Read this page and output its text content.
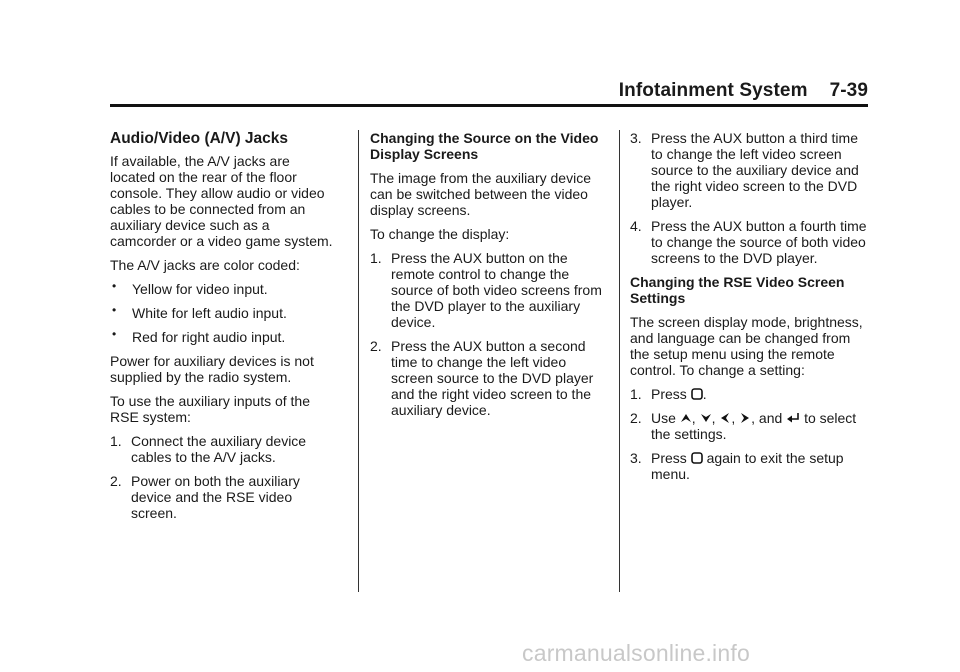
Infotainment System 7-39
Audio/Video (A/V) Jacks
If available, the A/V jacks are located on the rear of the floor console. They allow audio or video cables to be connected from an auxiliary device such as a camcorder or a video game system.
The A/V jacks are color coded:
• Yellow for video input.
• White for left audio input.
• Red for right audio input.
Power for auxiliary devices is not supplied by the radio system.
To use the auxiliary inputs of the RSE system:
1. Connect the auxiliary device cables to the A/V jacks.
2. Power on both the auxiliary device and the RSE video screen.
Changing the Source on the Video Display Screens
The image from the auxiliary device can be switched between the video display screens.
To change the display:
1. Press the AUX button on the remote control to change the source of both video screens from the DVD player to the auxiliary device.
2. Press the AUX button a second time to change the left video screen source to the DVD player and the right video screen to the auxiliary device.
3. Press the AUX button a third time to change the left video screen source to the auxiliary device and the right video screen to the DVD player.
4. Press the AUX button a fourth time to change the source of both video screens to the DVD player.
Changing the RSE Video Screen Settings
The screen display mode, brightness, and language can be changed from the setup menu using the remote control. To change a setting:
1. Press .
2. Use , , , , and to select the settings.
3. Press again to exit the setup menu.
carmanualsonline.info
